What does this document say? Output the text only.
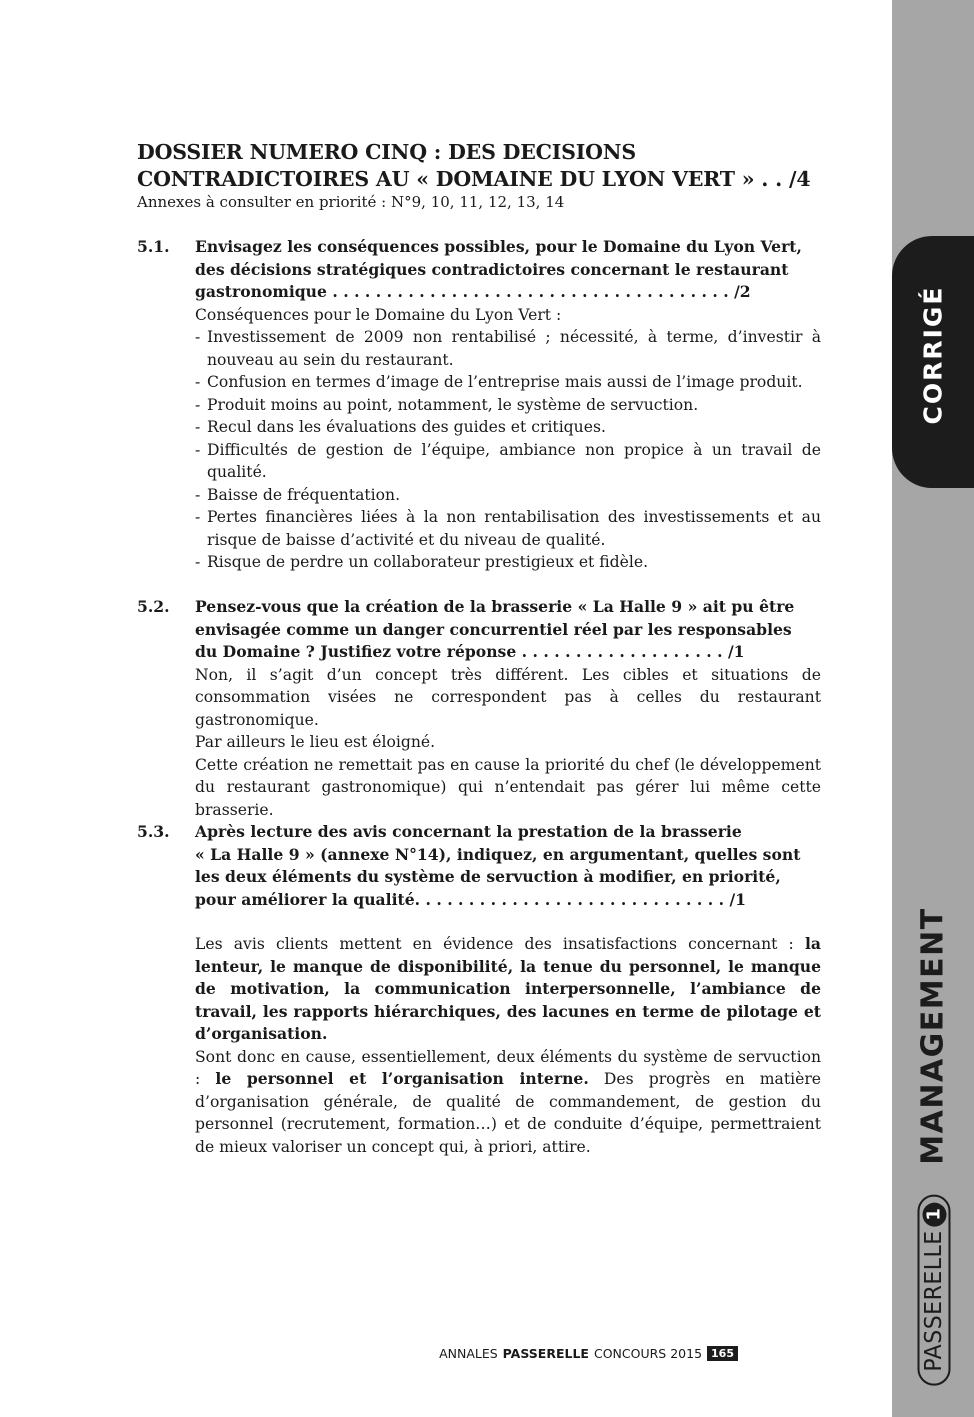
DOSSIER NUMERO CINQ : DES DECISIONS
CONTRADICTOIRES AU « DOMAINE DU LYON VERT » . . /4
Annexes à consulter en priorité : N°9, 10, 11, 12, 13, 14
5.1. Envisagez les conséquences possibles, pour le Domaine du Lyon Vert,
des décisions stratégiques contradictoires concernant le restaurant
gastronomique . . . . . . . . . . . . . . . . . . . . . . . . . . . . . . . . . . . . . /2

Conséquences pour le Domaine du Lyon Vert :

- Investissement de 2009 non rentabilisé ; nécessité, à terme, d’investir à nouveau au sein du restaurant.
- Confusion en termes d’image de l’entreprise mais aussi de l’image produit.
- Produit moins au point, notamment, le système de servuction.
- Recul dans les évaluations des guides et critiques.
- Difficultés de gestion de l’équipe, ambiance non propice à un travail de qualité.
- Baisse de fréquentation.
- Pertes financières liées à la non rentabilisation des investissements et au risque de baisse d’activité et du niveau de qualité.
- Risque de perdre un collaborateur prestigieux et fidèle.
5.2. Pensez-vous que la création de la brasserie « La Halle 9 » ait pu être
envisagée comme un danger concurrentiel réel par les responsables
du Domaine ? Justifiez votre réponse . . . . . . . . . . . . . . . . . . . /1

Non, il s’agit d’un concept très différent. Les cibles et situations de consommation visées ne correspondent pas à celles du restaurant gastronomique.

Par ailleurs le lieu est éloigné.

Cette création ne remettait pas en cause la priorité du chef (le développement du restaurant gastronomique) qui n’entendait pas gérer lui même cette brasserie.

5.3. Après lecture des avis concernant la prestation de la brasserie
« La Halle 9 » (annexe N°14), indiquez, en argumentant, quelles sont
les deux éléments du système de servuction à modifier, en priorité,
pour améliorer la qualité. . . . . . . . . . . . . . . . . . . . . . . . . . . . . /1

Les avis clients mettent en évidence des insatisfactions concernant : la lenteur, le manque de disponibilité, la tenue du personnel, le manque de motivation, la communication interpersonnelle, l’ambiance de travail, les rapports hiérarchiques, des lacunes en terme de pilotage et d’organisation.

Sont donc en cause, essentiellement, deux éléments du système de servuction : le personnel et l’organisation interne. Des progrès en matière d’organisation générale, de qualité de commandement, de gestion du personnel (recrutement, formation…) et de conduite d’équipe, permettraient de mieux valoriser un concept qui, à priori, attire.

ANNALES PASSERELLE CONCOURS 2015 165
CORRIGÉ
MANAGEMENT
PASSERELLE
1
